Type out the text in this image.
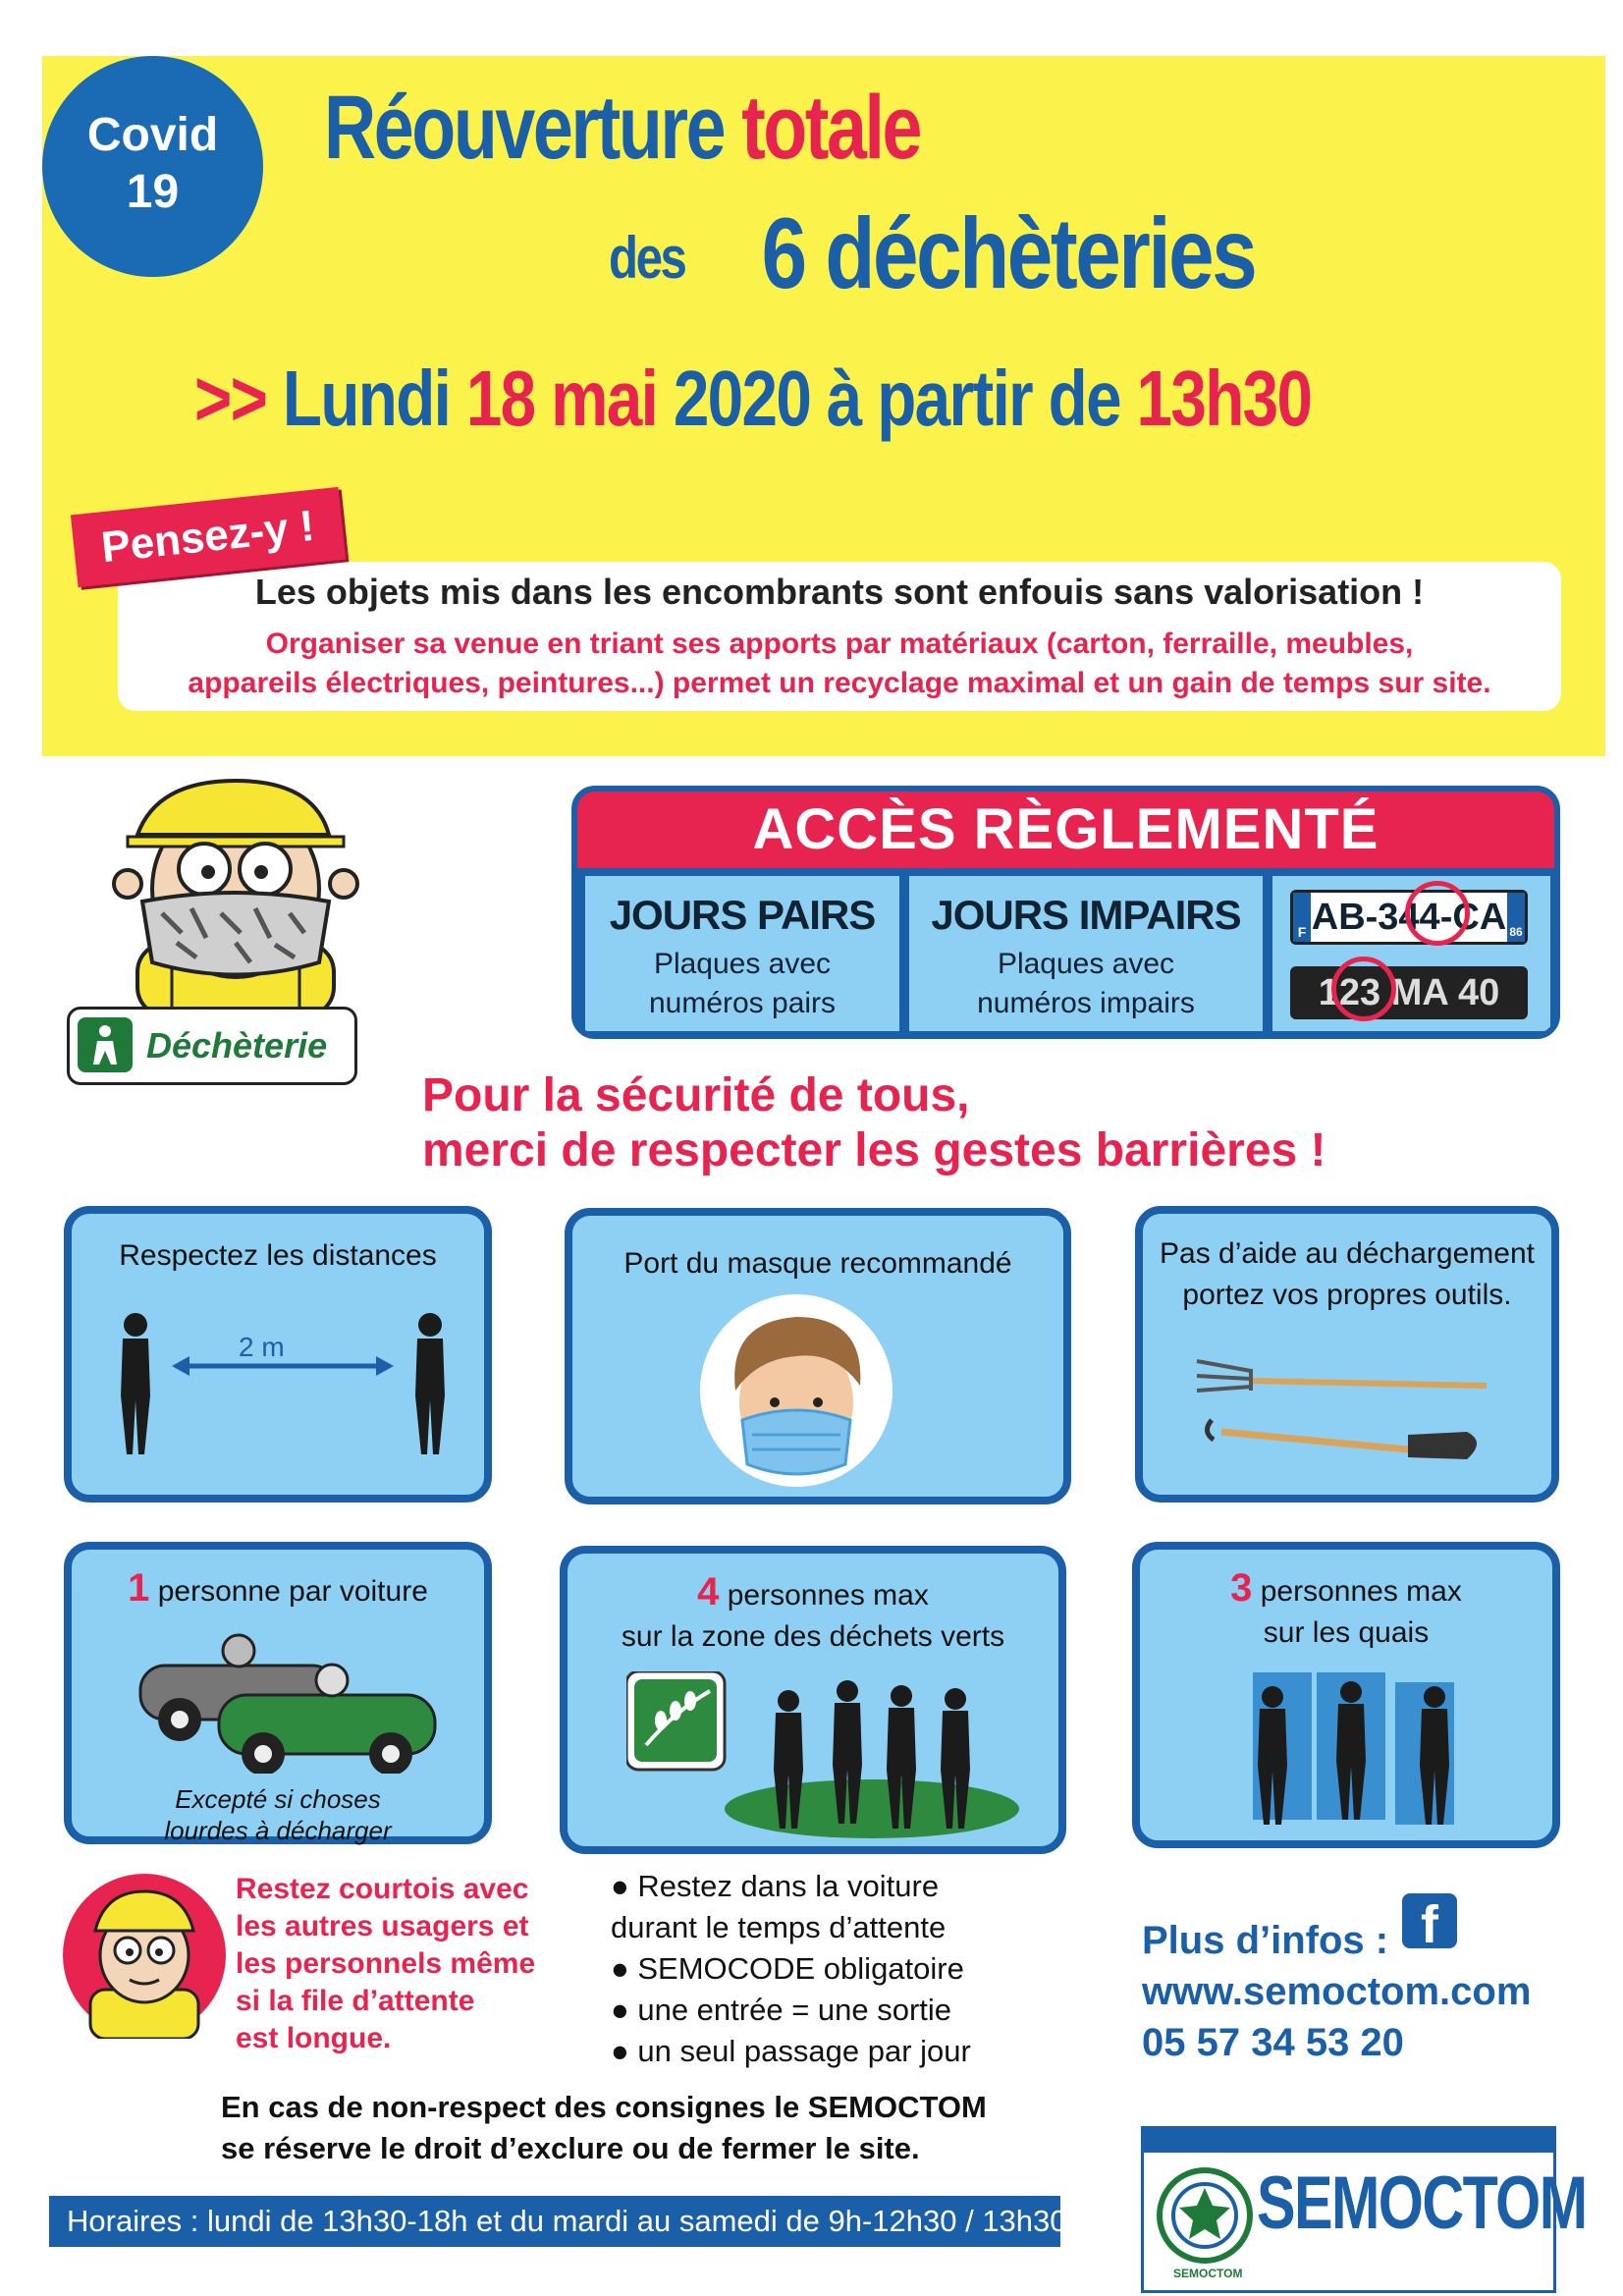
Covid
19
Réouverture totale
des 6 déchèteries
>> Lundi 18 mai 2020 à partir de 13h30
Pensez-y !
Les objets mis dans les encombrants sont enfouis sans valorisation !
Organiser sa venue en triant ses apports par matériaux (carton, ferraille, meubles,
appareils électriques, peintures...) permet un recyclage maximal et un gain de temps sur site.
Déchèterie
ACCÈS RÈGLEMENTÉ
JOURS PAIRS
Plaques avec
numéros pairs
JOURS IMPAIRS
Plaques avec
numéros impairs
F AB-344-CA 86
123 MA 40
Pour la sécurité de tous,
merci de respecter les gestes barrières !
Respectez les distances
2 m
Port du masque recommandé	Pas d’aide au déchargement
portez vos propres outils.
1 personne par voiture
Excepté si choses
lourdes à décharger
4 personnes max
sur la zone des déchets verts
3 personnes max
sur les quais
Restez courtois avec
les autres usagers et
les personnels même
si la file d’attente
est longue.
● Restez dans la voiture
durant le temps d’attente
● SEMOCODE obligatoire
● une entrée = une sortie
● un seul passage par jour
Plus d’infos : f
www.semoctom.com
05 57 34 53 20
En cas de non-respect des consignes le SEMOCTOM
se réserve le droit d’exclure ou de fermer le site.
Horaires : lundi de 13h30-18h et du mardi au samedi de 9h-12h30 / 13h30-18h
SEMOCTOM
SEMOCTOM
